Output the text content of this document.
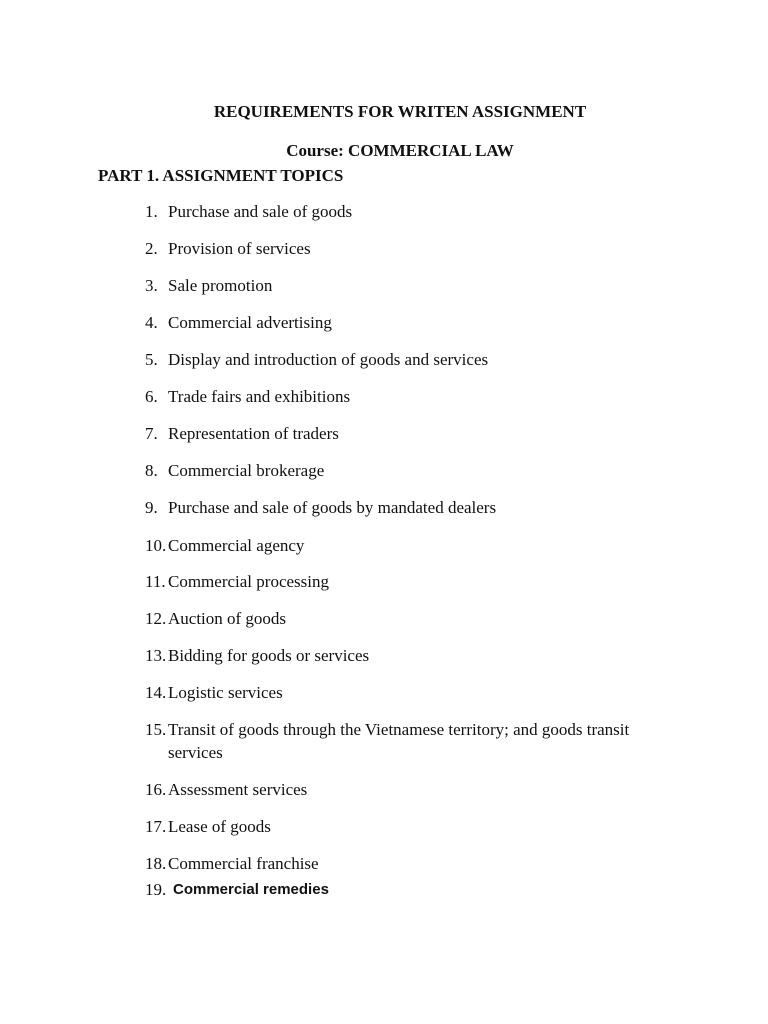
REQUIREMENTS FOR WRITEN ASSIGNMENT
Course: COMMERCIAL LAW
PART 1. ASSIGNMENT TOPICS
1. Purchase and sale of goods
2. Provision of services
3. Sale promotion
4. Commercial advertising
5. Display and introduction of goods and services
6. Trade fairs and exhibitions
7. Representation of traders
8. Commercial brokerage
9. Purchase and sale of goods by mandated dealers
10. Commercial agency
11. Commercial processing
12. Auction of goods
13. Bidding for goods or services
14. Logistic services
15. Transit of goods through the Vietnamese territory; and goods transit services
16. Assessment services
17. Lease of goods
18. Commercial franchise
19. Commercial remedies
